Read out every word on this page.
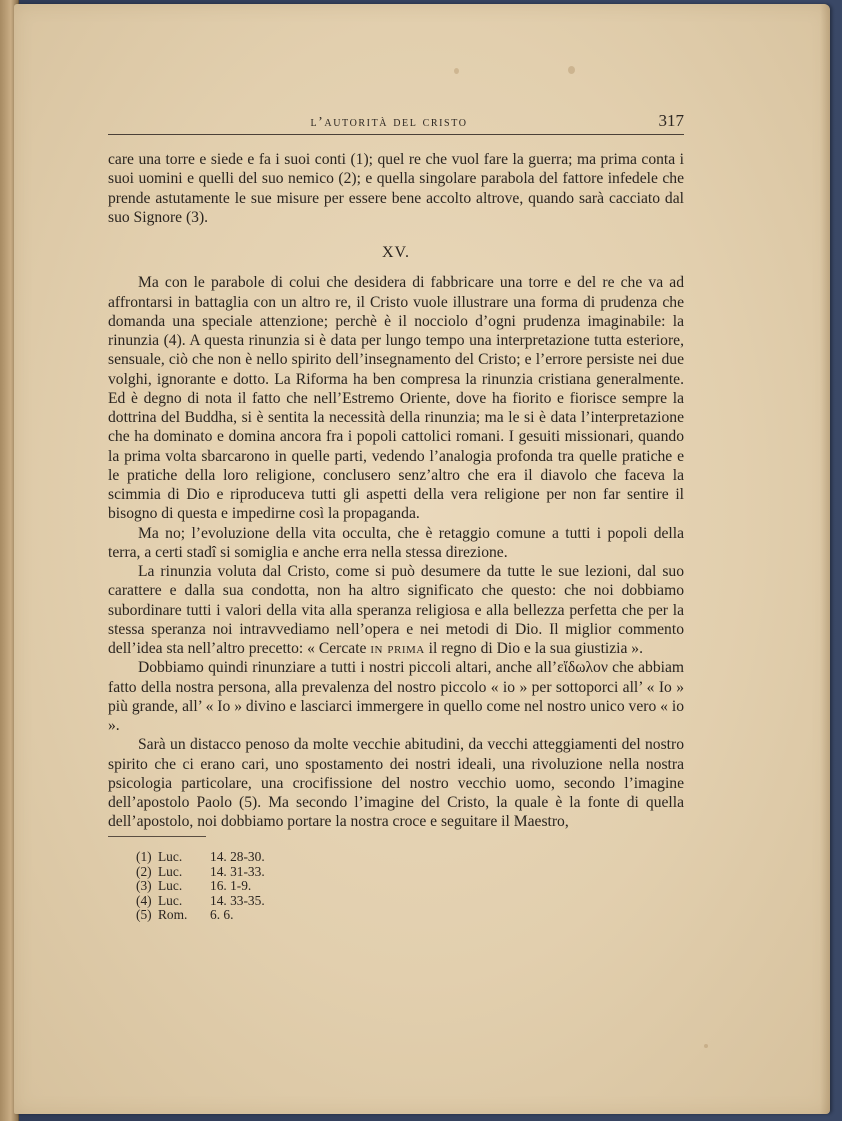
l’autorità del cristo	317

care una torre e siede e fa i suoi conti (1); quel re che vuol fare la guerra; ma prima conta i suoi uomini e quelli del suo nemico (2); e quella singolare parabola del fattore infedele che prende astutamente le sue misure per essere bene accolto altrove, quando sarà cacciato dal suo Signore (3).

XV.

Ma con le parabole di colui che desidera di fabbricare una torre e del re che va ad affrontarsi in battaglia con un altro re, il Cristo vuole illustrare una forma di prudenza che domanda una speciale attenzione; perchè è il nocciolo d’ogni prudenza imaginabile: la rinunzia (4). A questa rinunzia si è data per lungo tempo una interpretazione tutta esteriore, sensuale, ciò che non è nello spirito dell’insegnamento del Cristo; e l’errore persiste nei due volghi, ignorante e dotto. La Riforma ha ben compresa la rinunzia cristiana generalmente. Ed è degno di nota il fatto che nell’Estremo Oriente, dove ha fiorito e fiorisce sempre la dottrina del Buddha, si è sentita la necessità della rinunzia; ma le si è data l’interpretazione che ha dominato e domina ancora fra i popoli cattolici romani. I gesuiti missionari, quando la prima volta sbarcarono in quelle parti, vedendo l’analogia profonda tra quelle pratiche e le pratiche della loro religione, conclusero senz’altro che era il diavolo che faceva la scimmia di Dio e riproduceva tutti gli aspetti della vera religione per non far sentire il bisogno di questa e impedirne così la propaganda.

Ma no; l’evoluzione della vita occulta, che è retaggio comune a tutti i popoli della terra, a certi stadî si somiglia e anche erra nella stessa direzione.

La rinunzia voluta dal Cristo, come si può desumere da tutte le sue lezioni, dal suo carattere e dalla sua condotta, non ha altro significato che questo: che noi dobbiamo subordinare tutti i valori della vita alla speranza religiosa e alla bellezza perfetta che per la stessa speranza noi intravvediamo nell’opera e nei metodi di Dio. Il miglior commento dell’idea sta nell’altro precetto: « Cercate in prima il regno di Dio e la sua giustizia ».

Dobbiamo quindi rinunziare a tutti i nostri piccoli altari, anche all’εἴδωλον che abbiam fatto della nostra persona, alla prevalenza del nostro piccolo « io » per sottoporci all’ « Io » più grande, all’ « Io » divino e lasciarci immergere in quello come nel nostro unico vero « io ».

Sarà un distacco penoso da molte vecchie abitudini, da vecchi atteggiamenti del nostro spirito che ci erano cari, uno spostamento dei nostri ideali, una rivoluzione nella nostra psicologia particolare, una crocifissione del nostro vecchio uomo, secondo l’imagine dell’apostolo Paolo (5). Ma secondo l’imagine del Cristo, la quale è la fonte di quella dell’apostolo, noi dobbiamo portare la nostra croce e seguitare il Maestro,

(1) Luc. 14. 28-30.
(2) Luc. 14. 31-33.
(3) Luc. 16. 1-9.
(4) Luc. 14. 33-35.
(5) Rom. 6. 6.
